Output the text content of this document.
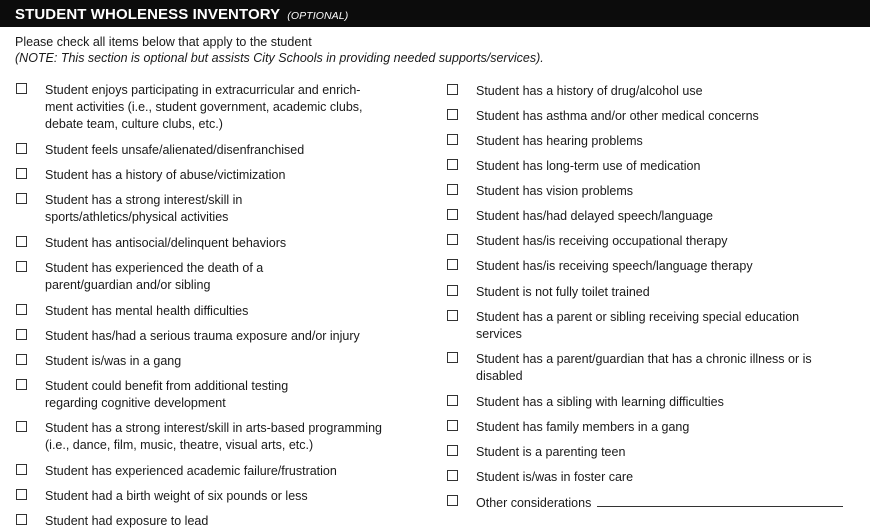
STUDENT WHOLENESS INVENTORY (OPTIONAL)
Please check all items below that apply to the student
(NOTE: This section is optional but assists City Schools in providing needed supports/services).
Student enjoys participating in extracurricular and enrich-
ment activities (i.e., student government, academic clubs,
debate team, culture clubs, etc.)
Student feels unsafe/alienated/disenfranchised
Student has a history of abuse/victimization
Student has a strong interest/skill in
sports/athletics/physical activities
Student has antisocial/delinquent behaviors
Student has experienced the death of a
parent/guardian and/or sibling
Student has mental health difficulties
Student has/had a serious trauma exposure and/or injury
Student is/was in a gang
Student could benefit from additional testing
regarding cognitive development
Student has a strong interest/skill in arts-based programming
(i.e., dance, film, music, theatre, visual arts, etc.)
Student has experienced academic failure/frustration
Student had a birth weight of six pounds or less
Student had exposure to lead
Student has a history of drug/alcohol use
Student has asthma and/or other medical concerns
Student has hearing problems
Student has long-term use of medication
Student has vision problems
Student has/had delayed speech/language
Student has/is receiving occupational therapy
Student has/is receiving speech/language therapy
Student is not fully toilet trained
Student has a parent or sibling receiving special education
services
Student has a parent/guardian that has a chronic illness or is
disabled
Student has a sibling with learning difficulties
Student has family members in a gang
Student is a parenting teen
Student is/was in foster care
Other considerations
